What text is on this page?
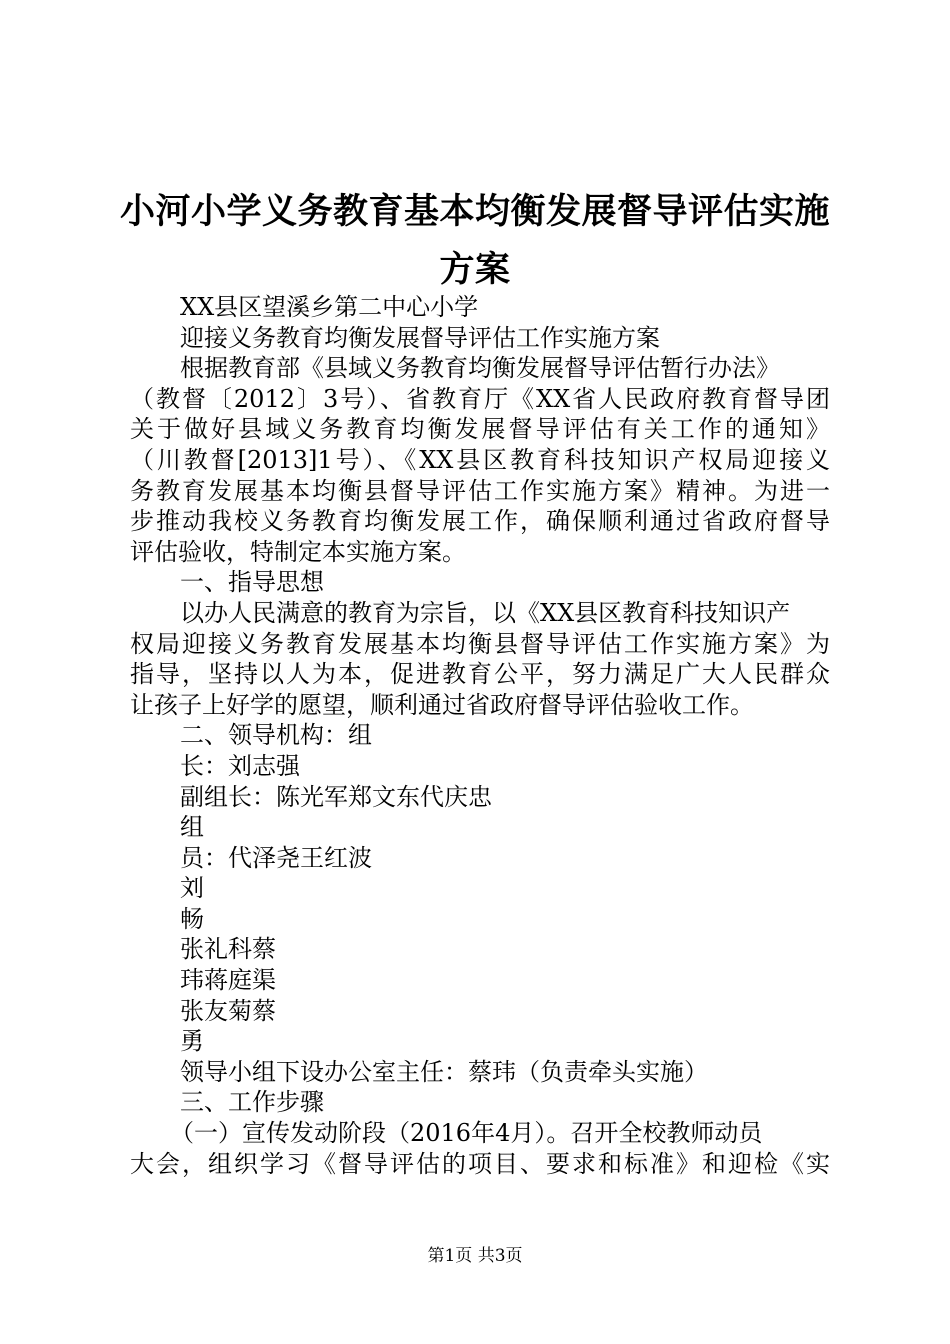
小河小学义务教育基本均衡发展督导评估实施
方案
XX县区望溪乡第二中心小学
迎接义务教育均衡发展督导评估工作实施方案
根据教育部《县域义务教育均衡发展督导评估暂行办法》
（教督〔2012〕3号）、省教育厅《XX省人民政府教育督导团
关于做好县域义务教育均衡发展督导评估有关工作的通知》
（川教督[2013]1号）、《XX县区教育科技知识产权局迎接义
务教育发展基本均衡县督导评估工作实施方案》精神。为进一
步推动我校义务教育均衡发展工作，确保顺利通过省政府督导
评估验收，特制定本实施方案。
一、指导思想
以办人民满意的教育为宗旨，以《XX县区教育科技知识产
权局迎接义务教育发展基本均衡县督导评估工作实施方案》为
指导，坚持以人为本，促进教育公平，努力满足广大人民群众
让孩子上好学的愿望，顺利通过省政府督导评估验收工作。
二、领导机构：组
长：刘志强
副组长：陈光军郑文东代庆忠
组
员：代泽尧王红波
刘
畅
张礼科蔡
玮蒋庭渠
张友菊蔡
勇
领导小组下设办公室主任：蔡玮（负责牵头实施）
三、工作步骤
（一）宣传发动阶段（2016年4月）。召开全校教师动员
大会，组织学习《督导评估的项目、要求和标准》和迎检《实
第1页 共3页
